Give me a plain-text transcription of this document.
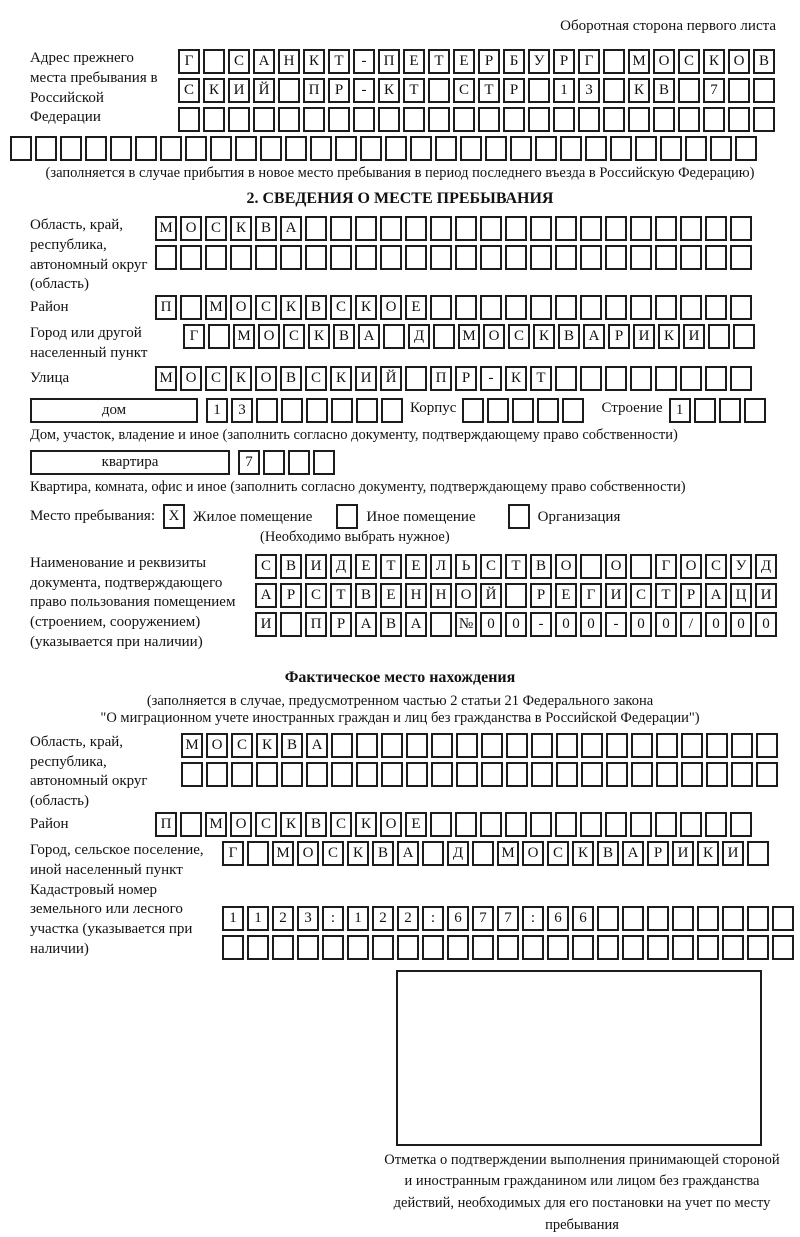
Оборотная сторона первого листа
Адрес прежнего места пребывания в Российской Федерации
Г	С А Н К	Т	-	П Е	Т	Е	Р	Б	У	Р	Г	М О С К О В
С К И Й	П	Р	-	К	Т	С	Т	Р	1	3	К В	7
(заполняется в случае прибытия в новое место пребывания в период последнего въезда в Российскую Федерацию)
2. СВЕДЕНИЯ О МЕСТЕ ПРЕБЫВАНИЯ
Область, край, республика, автономный округ (область)
М О С К В А
Район	П	М О С К В С К О Е
Город или другой населенный пункт
Г	М О С К В А	Д	М О С К В А	Р	И К И
Улица	М О С К О В С К И Й	П	Р	-	К	Т
дом	1	3	Корпус	Строение 1
Дом, участок, владение и иное (заполнить согласно документу, подтверждающему право собственности)
квартира	7
Квартира, комната, офис и иное (заполнить согласно документу, подтверждающему право собственности)
Место пребывания: X Жилое помещение	Иное помещение	Организация
(Необходимо выбрать нужное)
Наименование и реквизиты документа, подтверждающего право пользования помещением (строением, сооружением) (указывается при наличии)
С В И Д	Е	Т	Е	Л	Ь	С	Т	В О	О	Г	О С У Д
А	Р	С	Т	В	Е	Н Н О Й	Р	Е	Г	И С	Т	Р	А Ц И
И	П	Р	А В А	№ 0	0	-	0	0	-	0	0	/	0	0	0
Фактическое место нахождения
(заполняется в случае, предусмотренном частью 2 статьи 21 Федерального закона
"О миграционном учете иностранных граждан и лиц без гражданства в Российской Федерации")
Область, край, республика, автономный округ (область)
М О С К В А
Район	П	М О С К В С К О Е
Город, сельское поселение, иной населенный пункт
Г	М О С К В А	Д	М О С К В А	Р	И К И
Кадастровый номер земельного или лесного участка (указывается при наличии)
1	1	2	3	:	1	2	2	:	6	7	7	:	6	6
Отметка о подтверждении выполнения принимающей стороной и иностранным гражданином или лицом без гражданства действий, необходимых для его постановки на учет по месту пребывания
